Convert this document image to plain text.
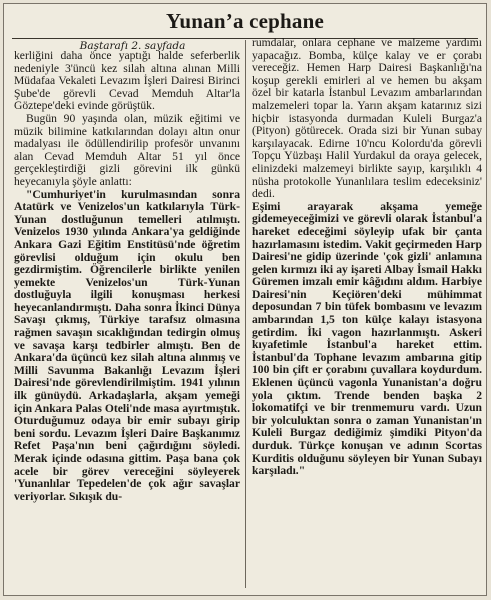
Yunan’a cephane
Baştarafı 2. sayfada

kerliğini daha önce yaptığı halde seferberlik nedeniyle 3'üncü kez silah altına alınan Milli Müdafaa Vekaleti Levazım İşleri Dairesi Birinci Şube'de görevli Cevad Memduh Altar'la Göztepe'deki evinde görüştük.

Bugün 90 yaşında olan, müzik eğitimi ve müzik bilimine katkılarından dolayı altın onur madalyası ile ödüllendirilip profesör unvanını alan Cevad Memduh Altar 51 yıl önce gerçekleştirdiği gizli görevini ilk günkü heyecanıyla şöyle anlattı:

"Cumhuriyet'in kurulmasından sonra Atatürk ve Venizelos'un katkılarıyla Türk-Yunan dostluğunun temelleri atılmıştı. Venizelos 1930 yılında Ankara'ya geldiğinde Ankara Gazi Eğitim Enstitüsü'nde öğretim görevlisi olduğum için okulu ben gezdirmiştim. Öğrencilerle birlikte yenilen yemekte Venizelos'un Türk-Yunan dostluğuyla ilgili konuşması herkesi heyecanlandırmıştı. Daha sonra İkinci Dünya Savaşı çıkmış, Türkiye tarafsız olmasına rağmen savaşın sıcaklığından tedirgin olmuş ve savaşa karşı tedbirler almıştı. Ben de Ankara'da üçüncü kez silah altına alınmış ve Milli Savunma Bakanlığı Levazım İşleri Dairesi'nde görevlendirilmiştim. 1941 yılının ilk günüydü. Arkadaşlarla, akşam yemeği için Ankara Palas Oteli'nde masa ayırtmıştık. Oturduğumuz odaya bir emir subayı girip beni sordu. Levazım İşleri Daire Başkanımız Refet Paşa'nın beni çağırdığını söyledi. Merak içinde odasına gittim. Paşa bana çok acele bir görev vereceğini söyleyerek 'Yunanlılar Tepedelen'de çok ağır savaşlar veriyorlar. Sıkışık du-

rumdalar, onlara cephane ve malzeme yardımı yapacağız. Bomba, külçe kalay ve er çorabı vereceğiz. Hemen Harp Dairesi Başkanlığı'na koşup gerekli emirleri al ve hemen bu akşam özel bir katarla İstanbul Levazım ambarlarından malzemeleri topar la. Yarın akşam katarınız sizi hiçbir istasyonda durmadan Kuleli Burgaz'a (Pityon) götürecek. Orada sizi bir Yunan subay karşılayacak. Edirne 10'ncu Kolordu'da görevli Topçu Yüzbaşı Halil Yurdakul da oraya gelecek, elinizdeki malzemeyi birlikte sayıp, karşılıklı 4 nüsha protokolle Yunanlılara teslim edeceksiniz' dedi.

Eşimi arayarak akşama yemeğe gidemeyeceğimizi ve görevli olarak İstanbul'a hareket edeceğimi söyleyip ufak bir çanta hazırlamasını istedim. Vakit geçirmeden Harp Dairesi'ne gidip üzerinde 'çok gizli' anlamına gelen kırmızı iki ay işareti Albay İsmail Hakkı Güremen imzalı emir kâğıdını aldım. Harbiye Dairesi'nin Keçiören'deki mühimmat deposundan 7 bin tüfek bombasını ve levazım ambarından 1,5 ton külçe kalayı istasyona getirdim. İki vagon hazırlanmıştı. Askeri kıyafetimle İstanbul'a hareket ettim. İstanbul'da Tophane levazım ambarına gitip 100 bin çift er çorabını çuvallara koydurdum. Eklenen üçüncü vagonla Yunanistan'a doğru yola çıktım. Trende benden başka 2 lokomatifçi ve bir trenmemuru vardı. Uzun bir yolculuktan sonra o zaman Yunanistan'ın Kuleli Burgaz dediğimiz şimdiki Pityon'da durduk. Türkçe konuşan ve adının Scortas Kurditis olduğunu söyleyen bir Yunan Subayı karşıladı."
